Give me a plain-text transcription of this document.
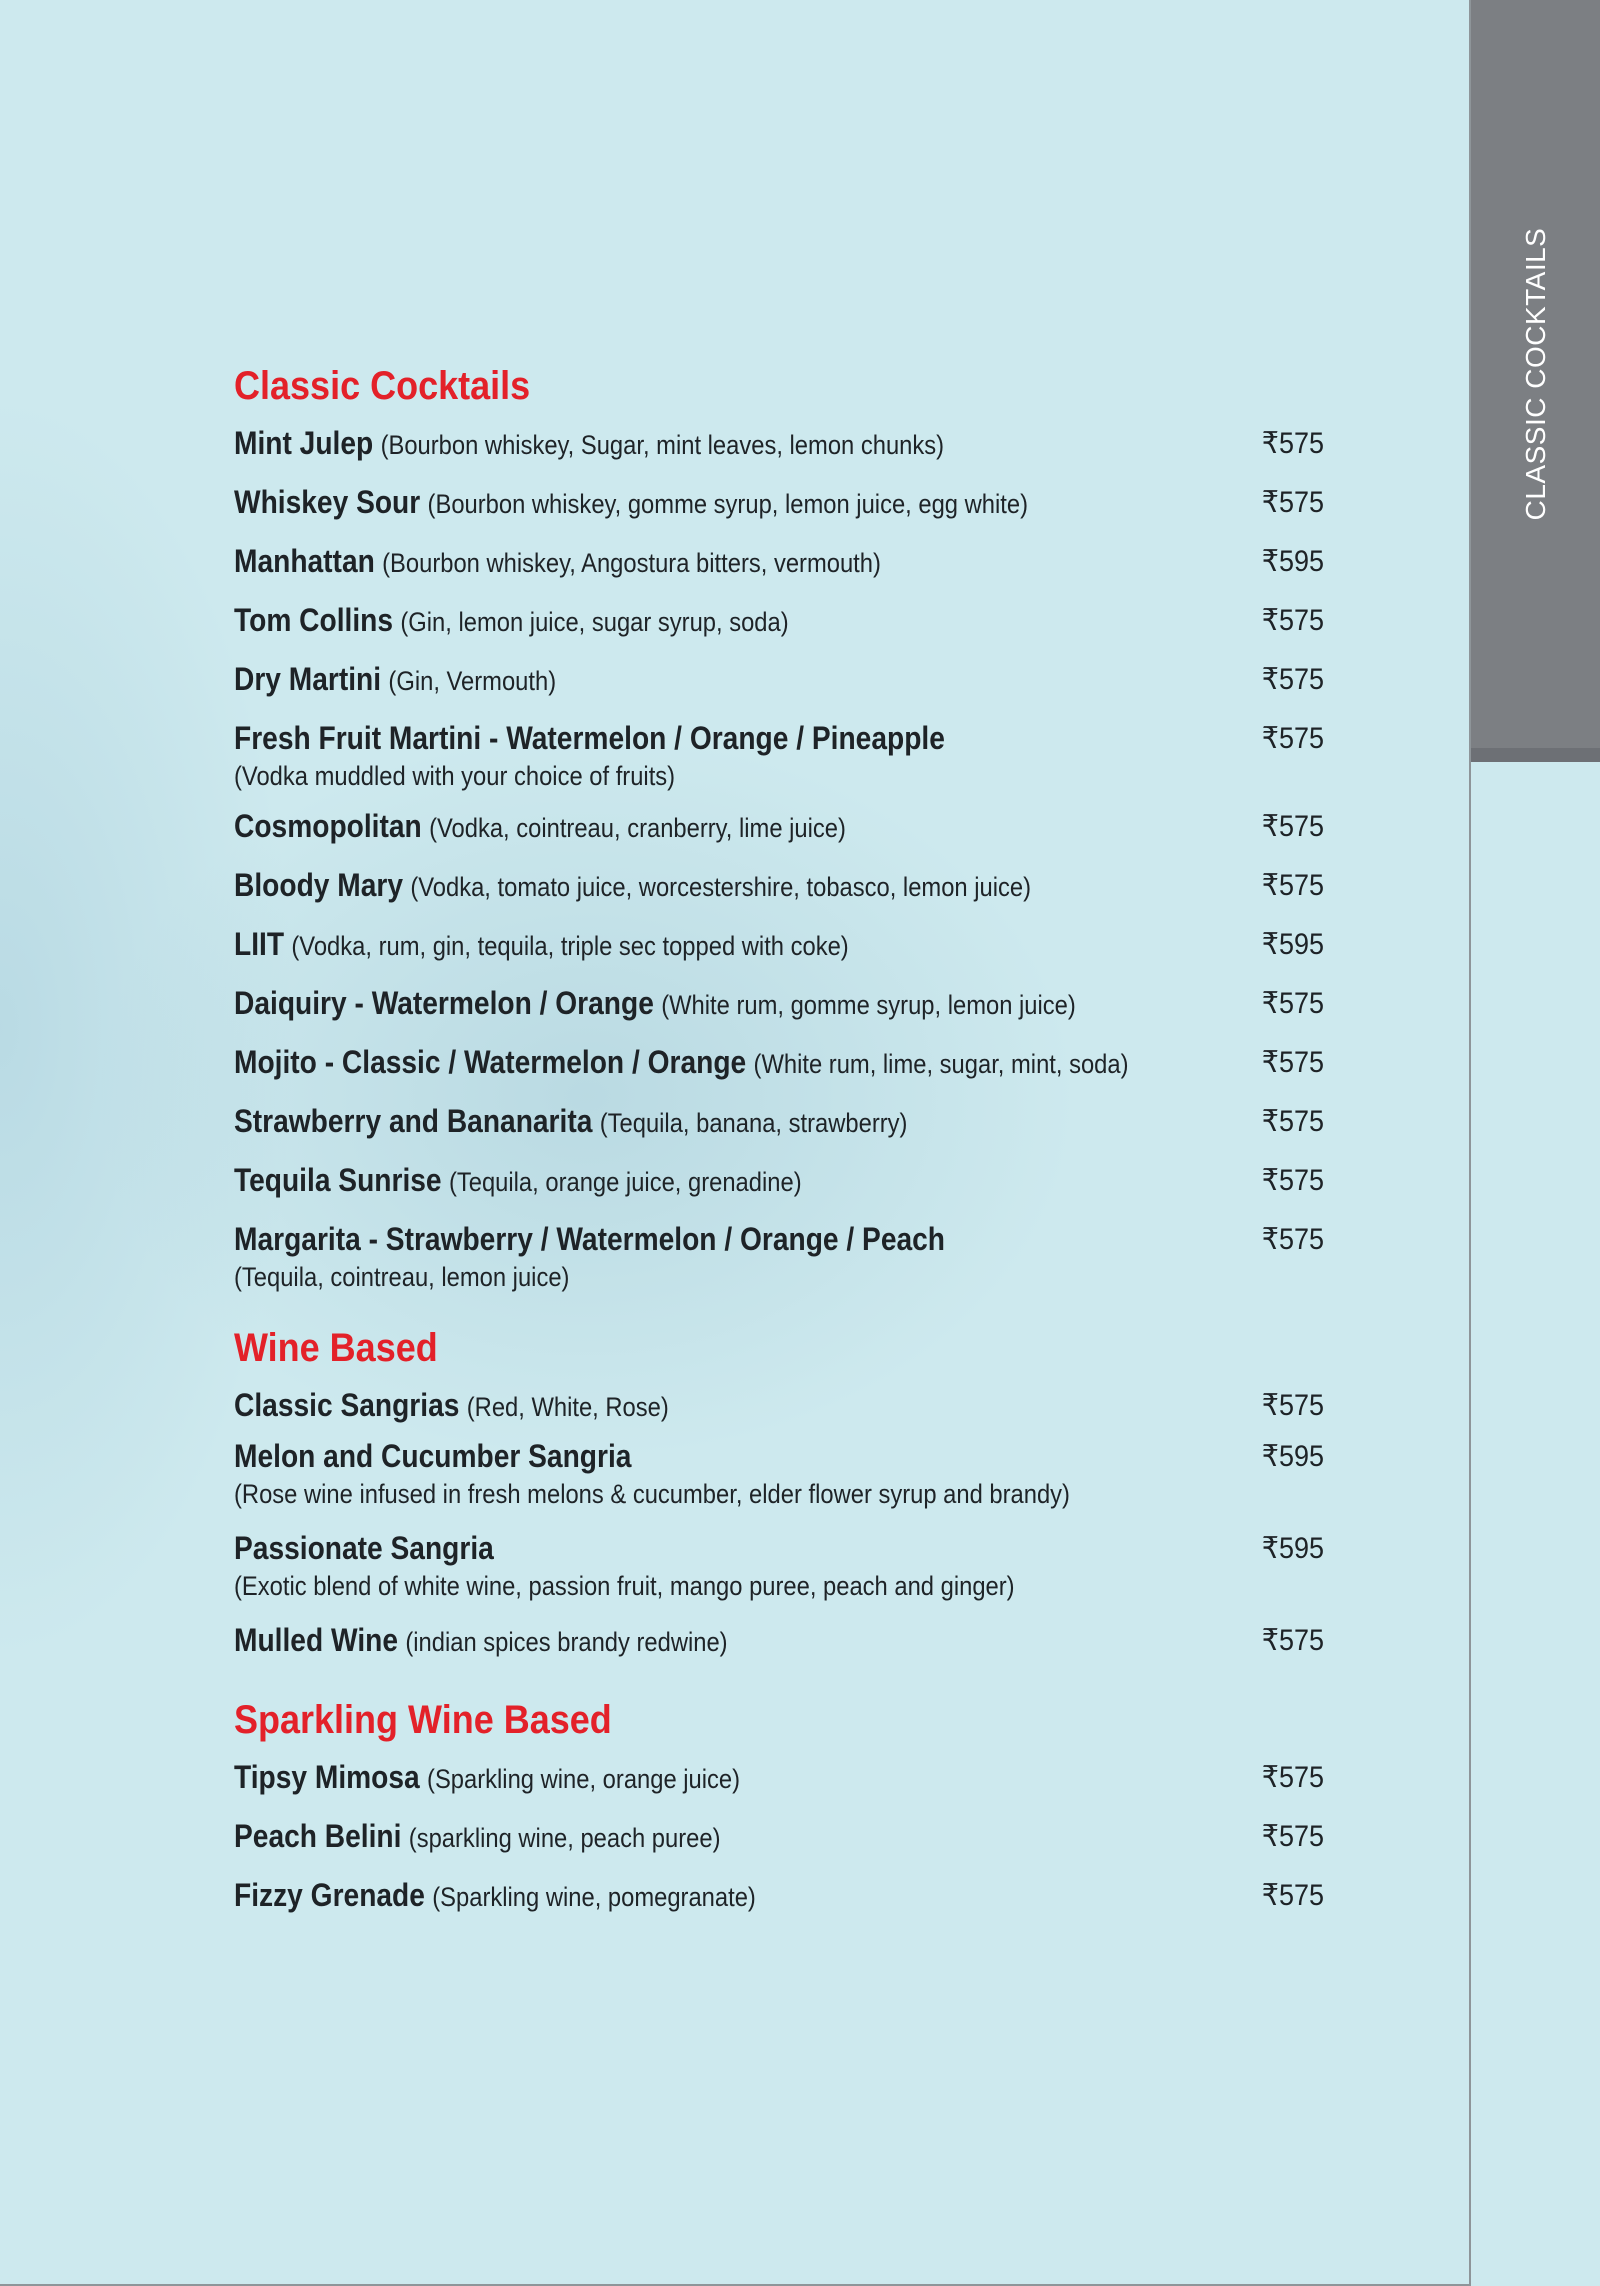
CLASSIC COCKTAILS
Classic Cocktails
Mint Julep (Bourbon whiskey, Sugar, mint leaves, lemon chunks)	₹575
Whiskey Sour (Bourbon whiskey, gomme syrup, lemon juice, egg white)	₹575
Manhattan (Bourbon whiskey, Angostura bitters, vermouth)	₹595
Tom Collins (Gin, lemon juice, sugar syrup, soda)	₹575
Dry Martini (Gin, Vermouth)	₹575
Fresh Fruit Martini - Watermelon / Orange / Pineapple
(Vodka muddled with your choice of fruits)
₹575
Cosmopolitan (Vodka, cointreau, cranberry, lime juice)	₹575
Bloody Mary (Vodka, tomato juice, worcestershire, tobasco, lemon juice)	₹575
LIIT (Vodka, rum, gin, tequila, triple sec topped with coke)	₹595
Daiquiry - Watermelon / Orange (White rum, gomme syrup, lemon juice)	₹575
Mojito - Classic / Watermelon / Orange (White rum, lime, sugar, mint, soda)	₹575
Strawberry and Bananarita (Tequila, banana, strawberry)	₹575
Tequila Sunrise (Tequila, orange juice, grenadine)	₹575
Margarita - Strawberry / Watermelon / Orange / Peach
(Tequila, cointreau, lemon juice)
₹575
Wine Based
Classic Sangrias (Red, White, Rose)	₹575
Melon and Cucumber Sangria
(Rose wine infused in fresh melons & cucumber, elder flower syrup and brandy)
₹595
Passionate Sangria
(Exotic blend of white wine, passion fruit, mango puree, peach and ginger)
₹595
Mulled Wine (indian spices brandy redwine)	₹575
Sparkling Wine Based
Tipsy Mimosa (Sparkling wine, orange juice)	₹575
Peach Belini (sparkling wine, peach puree)	₹575
Fizzy Grenade (Sparkling wine, pomegranate)	₹575
